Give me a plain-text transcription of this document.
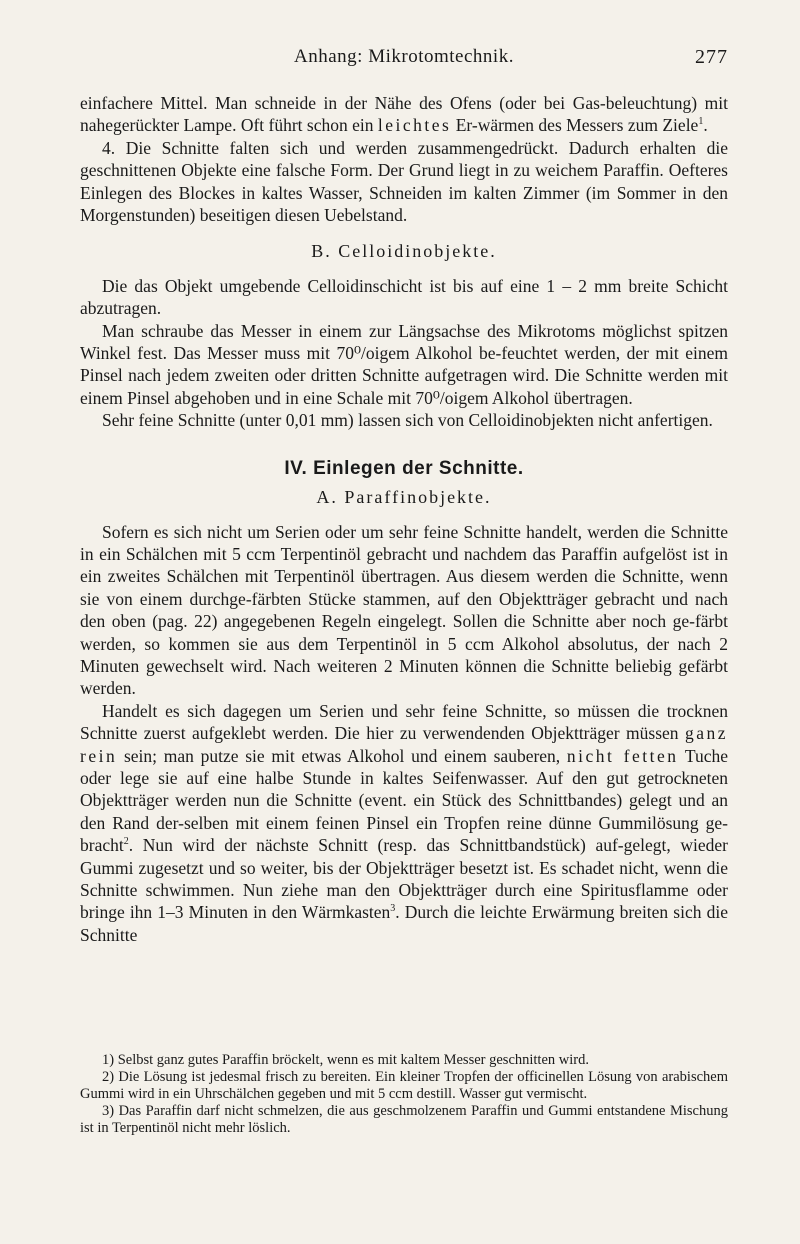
Anhang: Mikrotomtechnik.	277

einfachere Mittel. Man schneide in der Nähe des Ofens (oder bei Gas-beleuchtung) mit nahegerückter Lampe. Oft führt schon ein leichtes Er-wärmen des Messers zum Ziele$^1$.

4. Die Schnitte falten sich und werden zusammengedrückt. Dadurch erhalten die geschnittenen Objekte eine falsche Form. Der Grund liegt in zu weichem Paraffin. Oefteres Einlegen des Blockes in kaltes Wasser, Schneiden im kalten Zimmer (im Sommer in den Morgenstunden) beseitigen diesen Uebelstand.

B. Celloidinobjekte.

Die das Objekt umgebende Celloidinschicht ist bis auf eine 1 – 2 mm breite Schicht abzutragen.

Man schraube das Messer in einem zur Längsachse des Mikrotoms möglichst spitzen Winkel fest. Das Messer muss mit 70⁰/oigem Alkohol be-feuchtet werden, der mit einem Pinsel nach jedem zweiten oder dritten Schnitte aufgetragen wird. Die Schnitte werden mit einem Pinsel abgehoben und in eine Schale mit 70⁰/oigem Alkohol übertragen.

Sehr feine Schnitte (unter 0,01 mm) lassen sich von Celloidinobjekten nicht anfertigen.

IV. Einlegen der Schnitte.
A. Paraffinobjekte.

Sofern es sich nicht um Serien oder um sehr feine Schnitte handelt, werden die Schnitte in ein Schälchen mit 5 ccm Terpentinöl gebracht und nachdem das Paraffin aufgelöst ist in ein zweites Schälchen mit Terpentinöl übertragen. Aus diesem werden die Schnitte, wenn sie von einem durchge-färbten Stücke stammen, auf den Objektträger gebracht und nach den oben (pag. 22) angegebenen Regeln eingelegt. Sollen die Schnitte aber noch ge-färbt werden, so kommen sie aus dem Terpentinöl in 5 ccm Alkohol absolutus, der nach 2 Minuten gewechselt wird. Nach weiteren 2 Minuten können die Schnitte beliebig gefärbt werden.

Handelt es sich dagegen um Serien und sehr feine Schnitte, so müssen die trocknen Schnitte zuerst aufgeklebt werden. Die hier zu verwendenden Objektträger müssen ganz rein sein; man putze sie mit etwas Alkohol und einem sauberen, nicht fetten Tuche oder lege sie auf eine halbe Stunde in kaltes Seifenwasser. Auf den gut getrockneten Objektträger werden nun die Schnitte (event. ein Stück des Schnittbandes) gelegt und an den Rand der-selben mit einem feinen Pinsel ein Tropfen reine dünne Gummilösung ge-bracht$^2$. Nun wird der nächste Schnitt (resp. das Schnittbandstück) auf-gelegt, wieder Gummi zugesetzt und so weiter, bis der Objektträger besetzt ist. Es schadet nicht, wenn die Schnitte schwimmen. Nun ziehe man den Objektträger durch eine Spiritusflamme oder bringe ihn 1–3 Minuten in den Wärmkasten$^3$. Durch die leichte Erwärmung breiten sich die Schnitte

1) Selbst ganz gutes Paraffin bröckelt, wenn es mit kaltem Messer geschnitten wird.

2) Die Lösung ist jedesmal frisch zu bereiten. Ein kleiner Tropfen der officinellen Lösung von arabischem Gummi wird in ein Uhrschälchen gegeben und mit 5 ccm destill. Wasser gut vermischt.

3) Das Paraffin darf nicht schmelzen, die aus geschmolzenem Paraffin und Gummi entstandene Mischung ist in Terpentinöl nicht mehr löslich.
